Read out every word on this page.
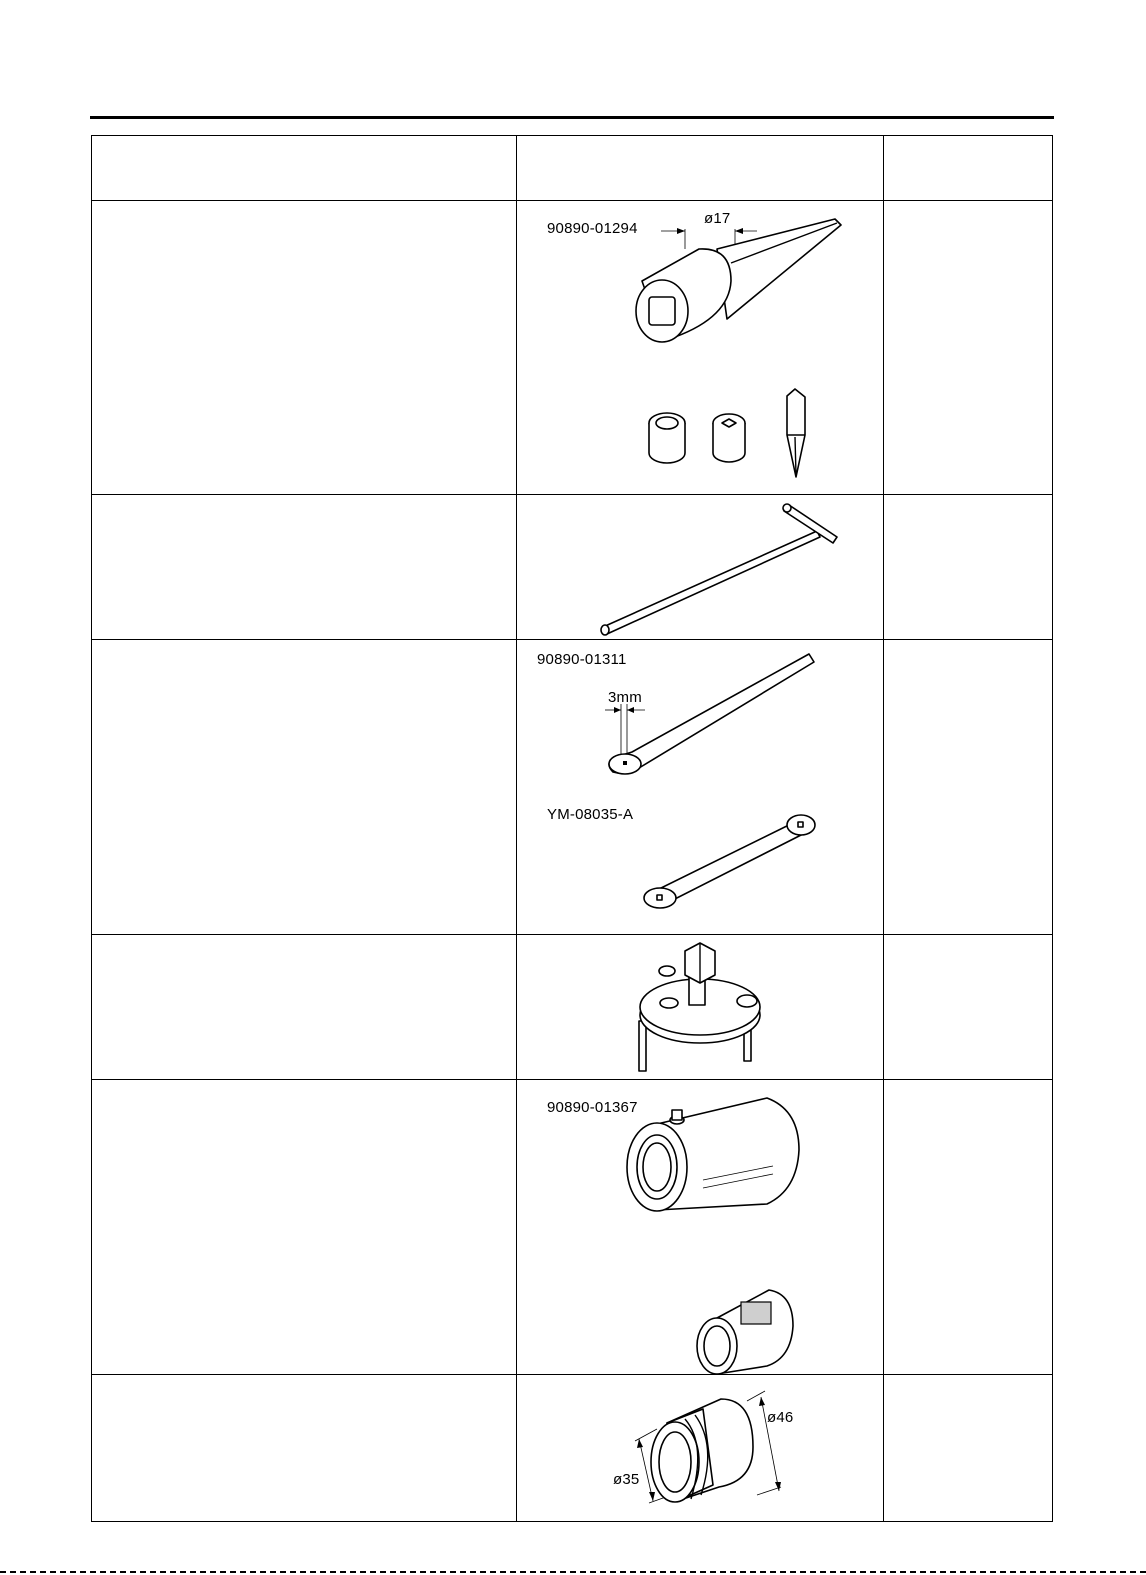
90890-01294
ø17
90890-01311
3mm
YM-08035-A
90890-01367
ø46
ø35
